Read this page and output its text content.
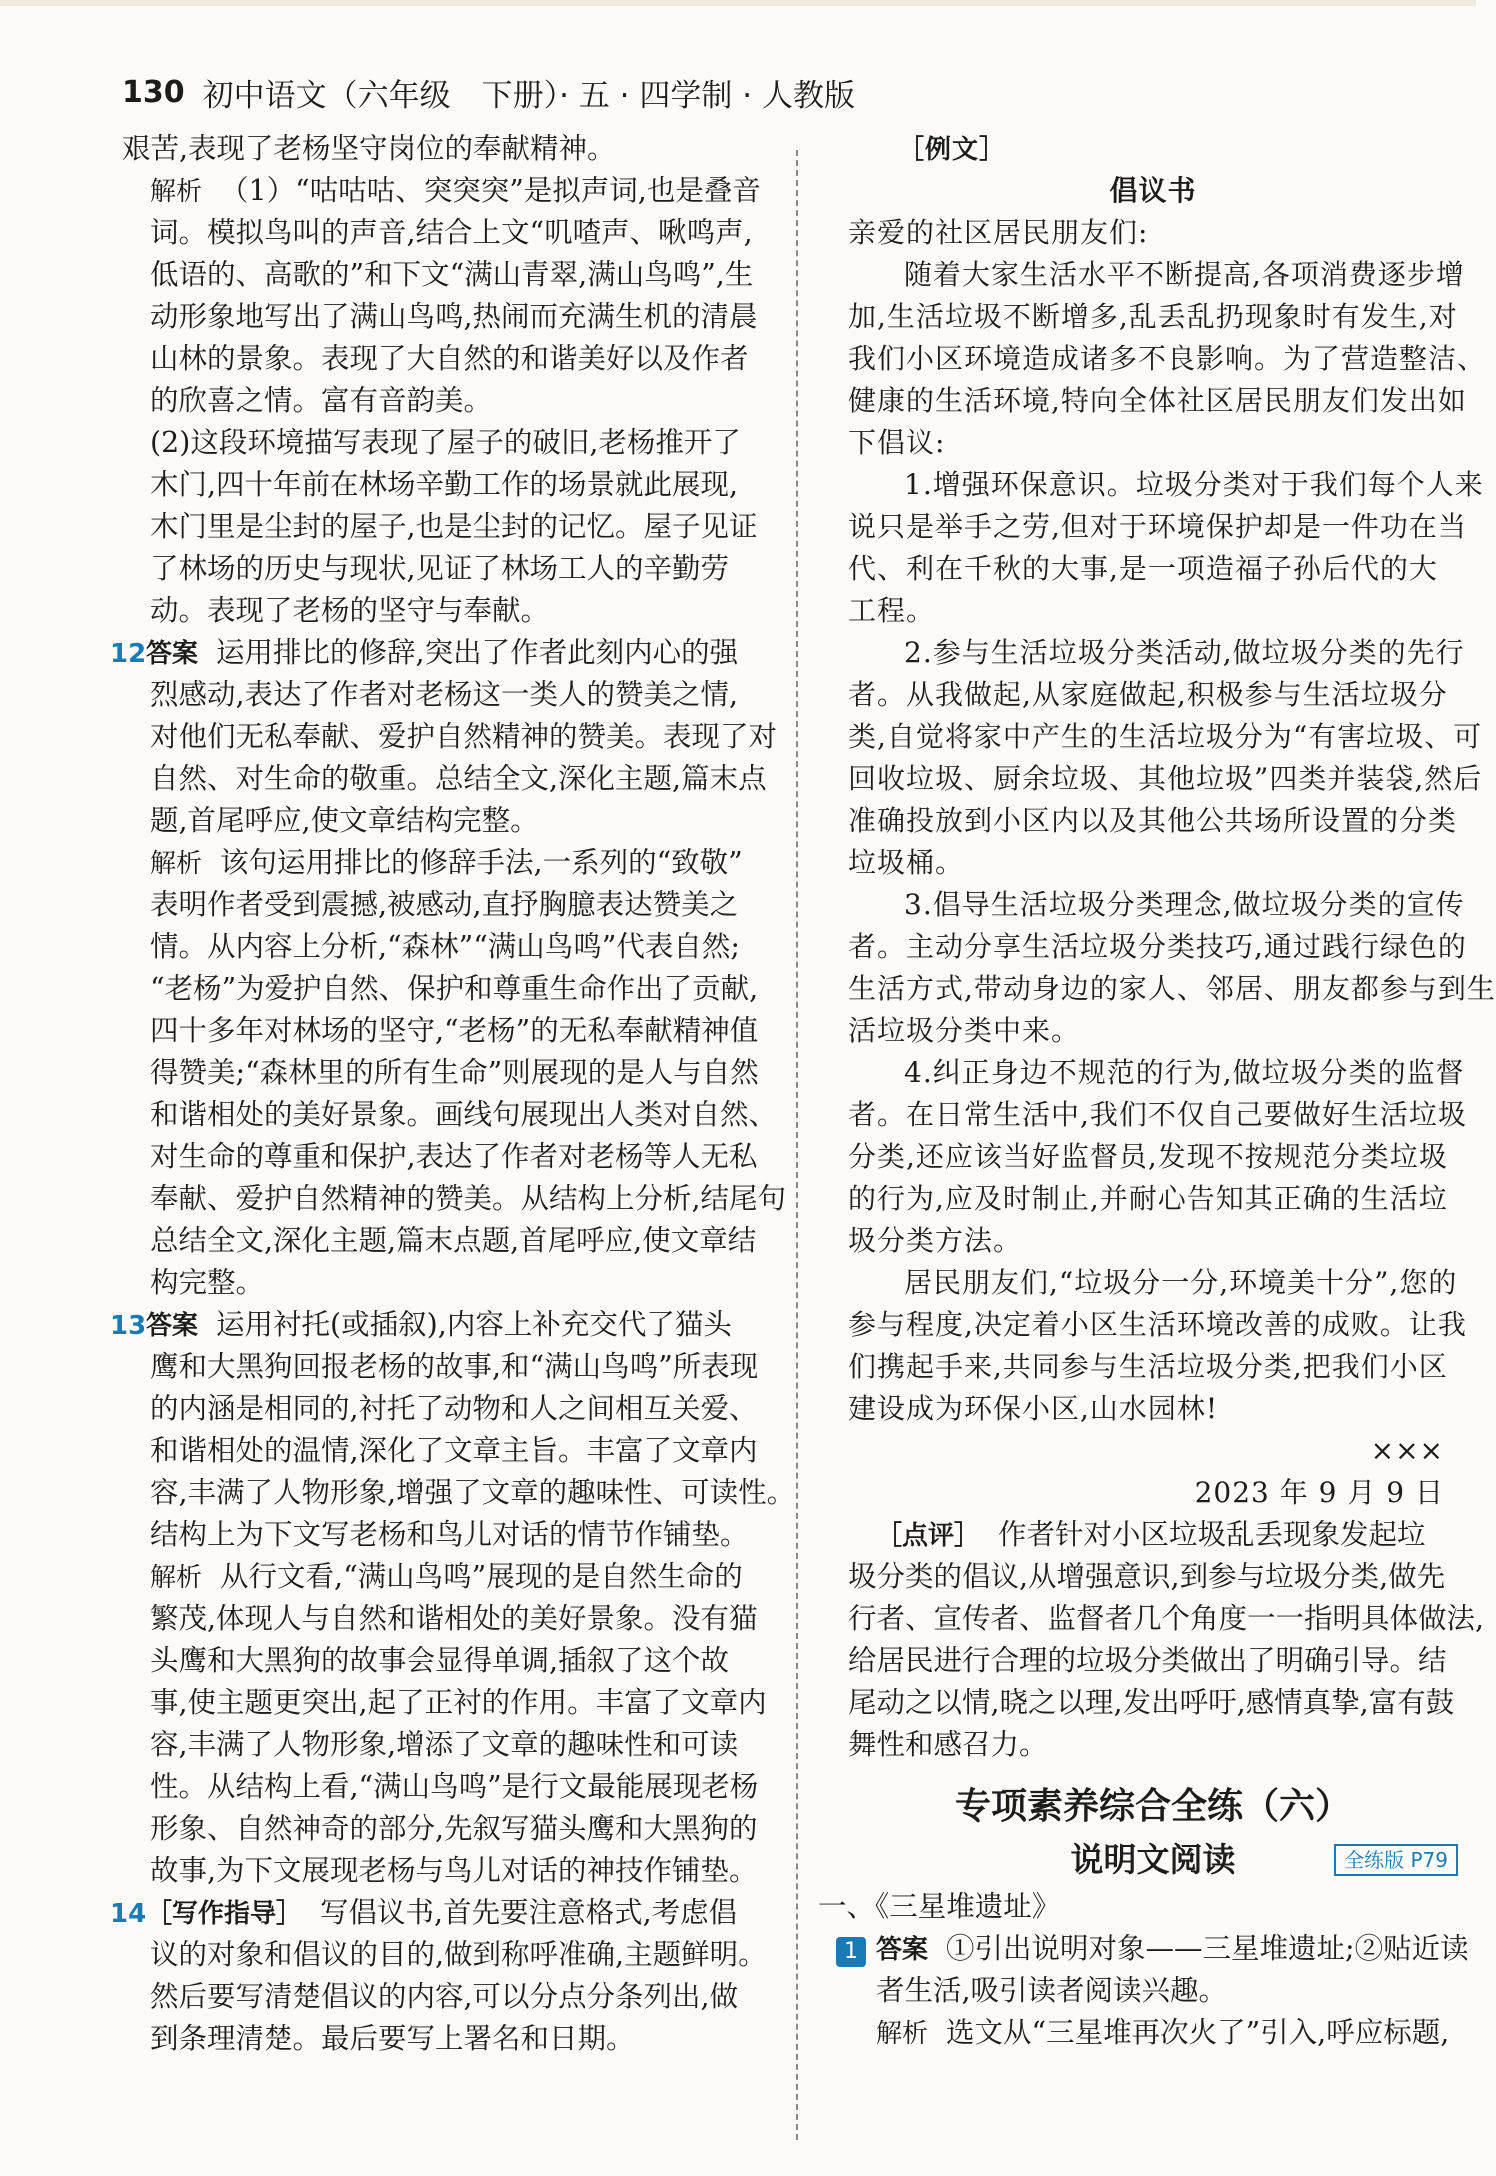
130 初中语文（六年级　下册）· 五 · 四学制 · 人教版
艰苦,表现了老杨坚守岗位的奉献精神。
解析 （1）“咕咕咕、突突突”是拟声词,也是叠音
词。模拟鸟叫的声音,结合上文“叽喳声、啾鸣声,
低语的、高歌的”和下文“满山青翠,满山鸟鸣”,生
动形象地写出了满山鸟鸣,热闹而充满生机的清晨
山林的景象。表现了大自然的和谐美好以及作者
的欣喜之情。富有音韵美。
(2)这段环境描写表现了屋子的破旧,老杨推开了
木门,四十年前在林场辛勤工作的场景就此展现,
木门里是尘封的屋子,也是尘封的记忆。屋子见证
了林场的历史与现状,见证了林场工人的辛勤劳
动。表现了老杨的坚守与奉献。
12答案 运用排比的修辞,突出了作者此刻内心的强
烈感动,表达了作者对老杨这一类人的赞美之情,
对他们无私奉献、爱护自然精神的赞美。表现了对
自然、对生命的敬重。总结全文,深化主题,篇末点
题,首尾呼应,使文章结构完整。
解析 该句运用排比的修辞手法,一系列的“致敬”
表明作者受到震撼,被感动,直抒胸臆表达赞美之
情。从内容上分析,“森林”“满山鸟鸣”代表自然;
“老杨”为爱护自然、保护和尊重生命作出了贡献,
四十多年对林场的坚守,“老杨”的无私奉献精神值
得赞美;“森林里的所有生命”则展现的是人与自然
和谐相处的美好景象。画线句展现出人类对自然、
对生命的尊重和保护,表达了作者对老杨等人无私
奉献、爱护自然精神的赞美。从结构上分析,结尾句
总结全文,深化主题,篇末点题,首尾呼应,使文章结
构完整。
13答案 运用衬托(或插叙),内容上补充交代了猫头
鹰和大黑狗回报老杨的故事,和“满山鸟鸣”所表现
的内涵是相同的,衬托了动物和人之间相互关爱、
和谐相处的温情,深化了文章主旨。丰富了文章内
容,丰满了人物形象,增强了文章的趣味性、可读性。
结构上为下文写老杨和鸟儿对话的情节作铺垫。
解析 从行文看,“满山鸟鸣”展现的是自然生命的
繁茂,体现人与自然和谐相处的美好景象。没有猫
头鹰和大黑狗的故事会显得单调,插叙了这个故
事,使主题更突出,起了正衬的作用。丰富了文章内
容,丰满了人物形象,增添了文章的趣味性和可读
性。从结构上看,“满山鸟鸣”是行文最能展现老杨
形象、自然神奇的部分,先叙写猫头鹰和大黑狗的
故事,为下文展现老杨与鸟儿对话的神技作铺垫。
14［写作指导］ 写倡议书,首先要注意格式,考虑倡
议的对象和倡议的目的,做到称呼准确,主题鲜明。
然后要写清楚倡议的内容,可以分点分条列出,做
到条理清楚。最后要写上署名和日期。
［例文］
倡议书
亲爱的社区居民朋友们:
随着大家生活水平不断提高,各项消费逐步增
加,生活垃圾不断增多,乱丢乱扔现象时有发生,对
我们小区环境造成诸多不良影响。为了营造整洁、
健康的生活环境,特向全体社区居民朋友们发出如
下倡议:
1.增强环保意识。垃圾分类对于我们每个人来
说只是举手之劳,但对于环境保护却是一件功在当
代、利在千秋的大事,是一项造福子孙后代的大
工程。
2.参与生活垃圾分类活动,做垃圾分类的先行
者。从我做起,从家庭做起,积极参与生活垃圾分
类,自觉将家中产生的生活垃圾分为“有害垃圾、可
回收垃圾、厨余垃圾、其他垃圾”四类并装袋,然后
准确投放到小区内以及其他公共场所设置的分类
垃圾桶。
3.倡导生活垃圾分类理念,做垃圾分类的宣传
者。主动分享生活垃圾分类技巧,通过践行绿色的
生活方式,带动身边的家人、邻居、朋友都参与到生
活垃圾分类中来。
4.纠正身边不规范的行为,做垃圾分类的监督
者。在日常生活中,我们不仅自己要做好生活垃圾
分类,还应该当好监督员,发现不按规范分类垃圾
的行为,应及时制止,并耐心告知其正确的生活垃
圾分类方法。
居民朋友们,“垃圾分一分,环境美十分”,您的
参与程度,决定着小区生活环境改善的成败。让我
们携起手来,共同参与生活垃圾分类,把我们小区
建设成为环保小区,山水园林!
×××
2023 年 9 月 9 日
［点评］ 作者针对小区垃圾乱丢现象发起垃
圾分类的倡议,从增强意识,到参与垃圾分类,做先
行者、宣传者、监督者几个角度一一指明具体做法,
给居民进行合理的垃圾分类做出了明确引导。结
尾动之以情,晓之以理,发出呼吁,感情真挚,富有鼓
舞性和感召力。
专项素养综合全练（六）
说明文阅读	全练版 P79
一、《三星堆遗址》
1 答案 ①引出说明对象——三星堆遗址;②贴近读
者生活,吸引读者阅读兴趣。
解析 选文从“三星堆再次火了”引入,呼应标题,
